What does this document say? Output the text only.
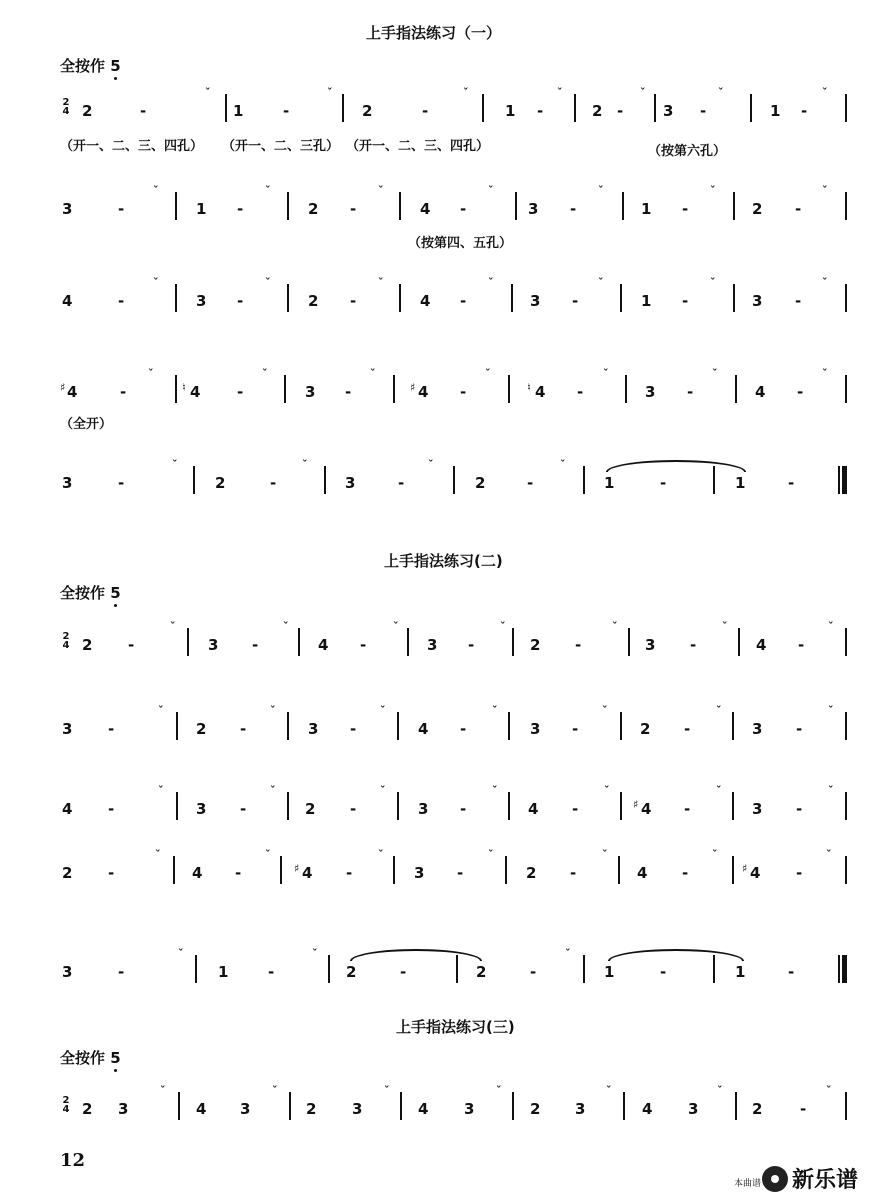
上手指法练习（一）
全按作 5
2
4 2	-
ˇ
1	-
ˇ
2	-
ˇ
1 -
ˇ
2 -
ˇ
3 -
ˇ
1 -
ˇ
（开一、二、三、四孔） （开一、二、三孔） （开一、二、三、四孔）	（按第六孔）
3	-
ˇ
1 -
ˇ
2 -
ˇ
4 -
ˇ
3 -
ˇ
1 -
ˇ
2 -
ˇ
（按第四、五孔）
4	-
ˇ
3 -
ˇ
2 -
ˇ
4 -
ˇ
3 -
ˇ
1 -
ˇ
3 -
ˇ
♯ 4	-
ˇ
♮ 4 -
ˇ
3 -
ˇ
♯ 4 -
ˇ
♮ 4 -
ˇ
3 -
ˇ
4 -
ˇ
（全开）
3	-
ˇ
2	-
ˇ
3	-
ˇ
2	-
ˇ
1	-	1	-
上手指法练习(二)
全按作 5
2
4 2 -
ˇ
3 -
ˇ
4 -
ˇ
3 -
ˇ
2 -
ˇ
3 -
ˇ
4 -
ˇ
3 -
ˇ
2 -
ˇ
3 -
ˇ
4 -
ˇ
3 -
ˇ
2 -
ˇ
3 -
ˇ
4 -
ˇ
3 -
ˇ
2 -
ˇ
3 -
ˇ
4 -
ˇ
♯ 4 -
ˇ
3 -
ˇ
2 -
ˇ
4 -
ˇ
♯ 4 -
ˇ
3 -
ˇ
2 -
ˇ
4 -
ˇ
♯ 4 -
ˇ
3	-
ˇ
1	-
ˇ
2	-	2	-
ˇ
1	-	1	-
上手指法练习(三)
全按作 5
2
4 2 3
ˇ
4 3
ˇ
2 3
ˇ
4 3
ˇ
2 3
ˇ
4 3
ˇ
2	-
ˇ
12
本曲谱 新乐谱
